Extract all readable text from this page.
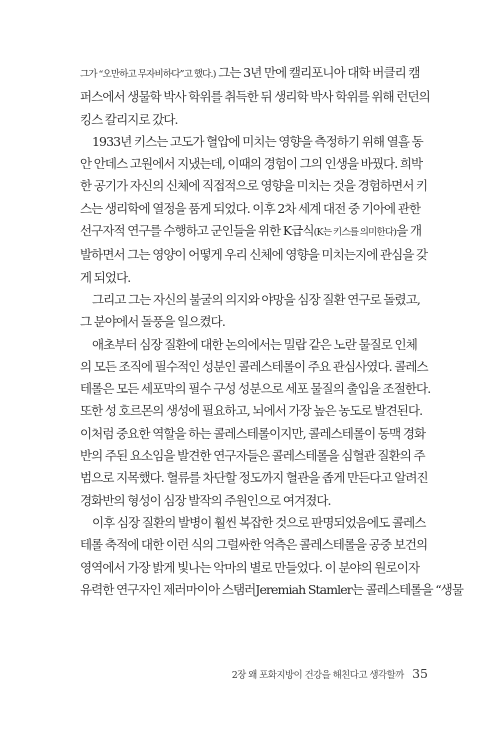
그가 “오만하고 무자비하다”고 했다.) 그는 3년 만에 캘리포니아 대학 버클리 캠
퍼스에서 생물학 박사 학위를 취득한 뒤 생리학 박사 학위를 위해 런던의
킹스 칼리지로 갔다.
1933년 키스는 고도가 혈압에 미치는 영향을 측정하기 위해 열흘 동
안 안데스 고원에서 지냈는데, 이때의 경험이 그의 인생을 바꿨다. 희박
한 공기가 자신의 신체에 직접적으로 영향을 미치는 것을 경험하면서 키
스는 생리학에 열정을 품게 되었다. 이후 2차 세계 대전 중 기아에 관한
선구자적 연구를 수행하고 군인들을 위한 K급식(K는 키스를 의미한다)을 개
발하면서 그는 영양이 어떻게 우리 신체에 영향을 미치는지에 관심을 갖
게 되었다.
그리고 그는 자신의 불굴의 의지와 야망을 심장 질환 연구로 돌렸고,
그 분야에서 돌풍을 일으켰다.
애초부터 심장 질환에 대한 논의에서는 밀랍 같은 노란 물질로 인체
의 모든 조직에 필수적인 성분인 콜레스테롤이 주요 관심사였다. 콜레스
테롤은 모든 세포막의 필수 구성 성분으로 세포 물질의 출입을 조절한다.
또한 성 호르몬의 생성에 필요하고, 뇌에서 가장 높은 농도로 발견된다.
이처럼 중요한 역할을 하는 콜레스테롤이지만, 콜레스테롤이 동맥 경화
반의 주된 요소임을 발견한 연구자들은 콜레스테롤을 심혈관 질환의 주
범으로 지목했다. 혈류를 차단할 정도까지 혈관을 좁게 만든다고 알려진
경화반의 형성이 심장 발작의 주원인으로 여겨졌다.
이후 심장 질환의 발병이 훨씬 복잡한 것으로 판명되었음에도 콜레스
테롤 축적에 대한 이런 식의 그럴싸한 억측은 콜레스테롤을 공중 보건의
영역에서 가장 밝게 빛나는 악마의 별로 만들었다. 이 분야의 원로이자
유력한 연구자인 제러마이아 스탬러Jeremiah Stamler는 콜레스테롤을 “생물
2장 왜 포화지방이 건강을 해친다고 생각할까 35
